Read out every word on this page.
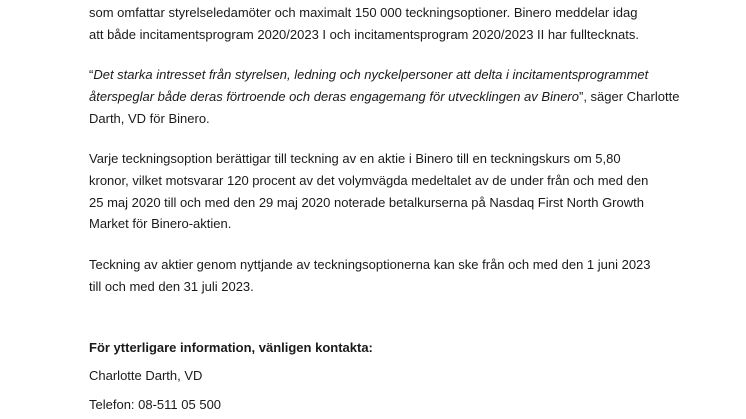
som omfattar styrelseledamöter och maximalt 150 000 teckningsoptioner. Binero meddelar idag
att både incitamentsprogram 2020/2023 I och incitamentsprogram 2020/2023 II har fulltecknats.

“Det starka intresset från styrelsen, ledning och nyckelpersoner att delta i incitamentsprogrammet
återspeglar både deras förtroende och deras engagemang för utvecklingen av Binero”, säger Charlotte
Darth, VD för Binero.

Varje teckningsoption berättigar till teckning av en aktie i Binero till en teckningskurs om 5,80
kronor, vilket motsvarar 120 procent av det volymvägda medeltalet av de under från och med den
25 maj 2020 till och med den 29 maj 2020 noterade betalkurserna på Nasdaq First North Growth
Market för Binero-aktien.

Teckning av aktier genom nyttjande av teckningsoptionerna kan ske från och med den 1 juni 2023
till och med den 31 juli 2023.

För ytterligare information, vänligen kontakta:

Charlotte Darth, VD

Telefon: 08-511 05 500
